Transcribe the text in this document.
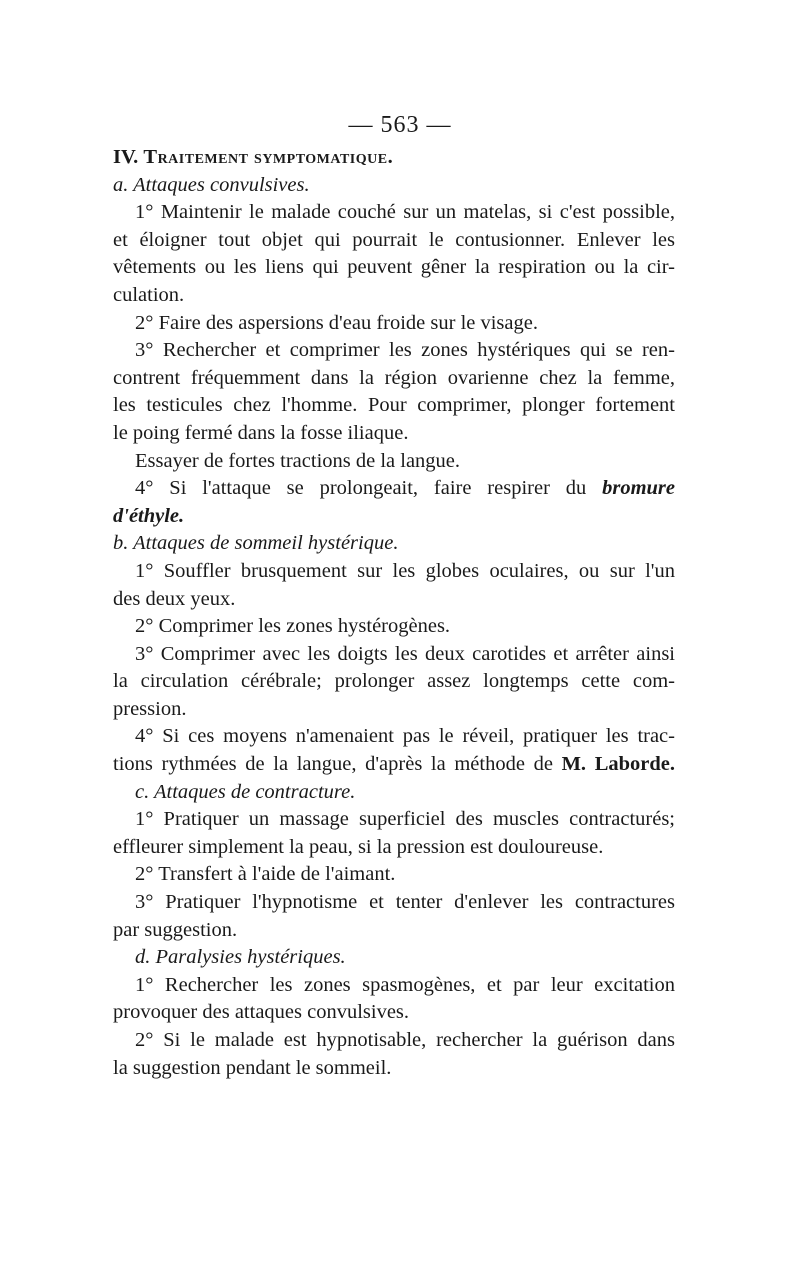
— 563 —
IV. Traitement symptomatique.
a. Attaques convulsives.
1° Maintenir le malade couché sur un matelas, si c'est possible,
et éloigner tout objet qui pourrait le contusionner. Enlever les
vêtements ou les liens qui peuvent gêner la respiration ou la cir-
culation.
2° Faire des aspersions d'eau froide sur le visage.
3° Rechercher et comprimer les zones hystériques qui se ren-
contrent fréquemment dans la région ovarienne chez la femme,
les testicules chez l'homme. Pour comprimer, plonger fortement
le poing fermé dans la fosse iliaque.
Essayer de fortes tractions de la langue.
4° Si l'attaque se prolongeait, faire respirer du bromure
d'éthyle.
b. Attaques de sommeil hystérique.
1° Souffler brusquement sur les globes oculaires, ou sur l'un
des deux yeux.
2° Comprimer les zones hystérogènes.
3° Comprimer avec les doigts les deux carotides et arrêter ainsi
la circulation cérébrale; prolonger assez longtemps cette com-
pression.
4° Si ces moyens n'amenaient pas le réveil, pratiquer les trac-
tions rythmées de la langue, d'après la méthode de M. Laborde.
c. Attaques de contracture.
1° Pratiquer un massage superficiel des muscles contracturés;
effleurer simplement la peau, si la pression est douloureuse.
2° Transfert à l'aide de l'aimant.
3° Pratiquer l'hypnotisme et tenter d'enlever les contractures
par suggestion.
d. Paralysies hystériques.
1° Rechercher les zones spasmogènes, et par leur excitation
provoquer des attaques convulsives.
2° Si le malade est hypnotisable, rechercher la guérison dans
la suggestion pendant le sommeil.
